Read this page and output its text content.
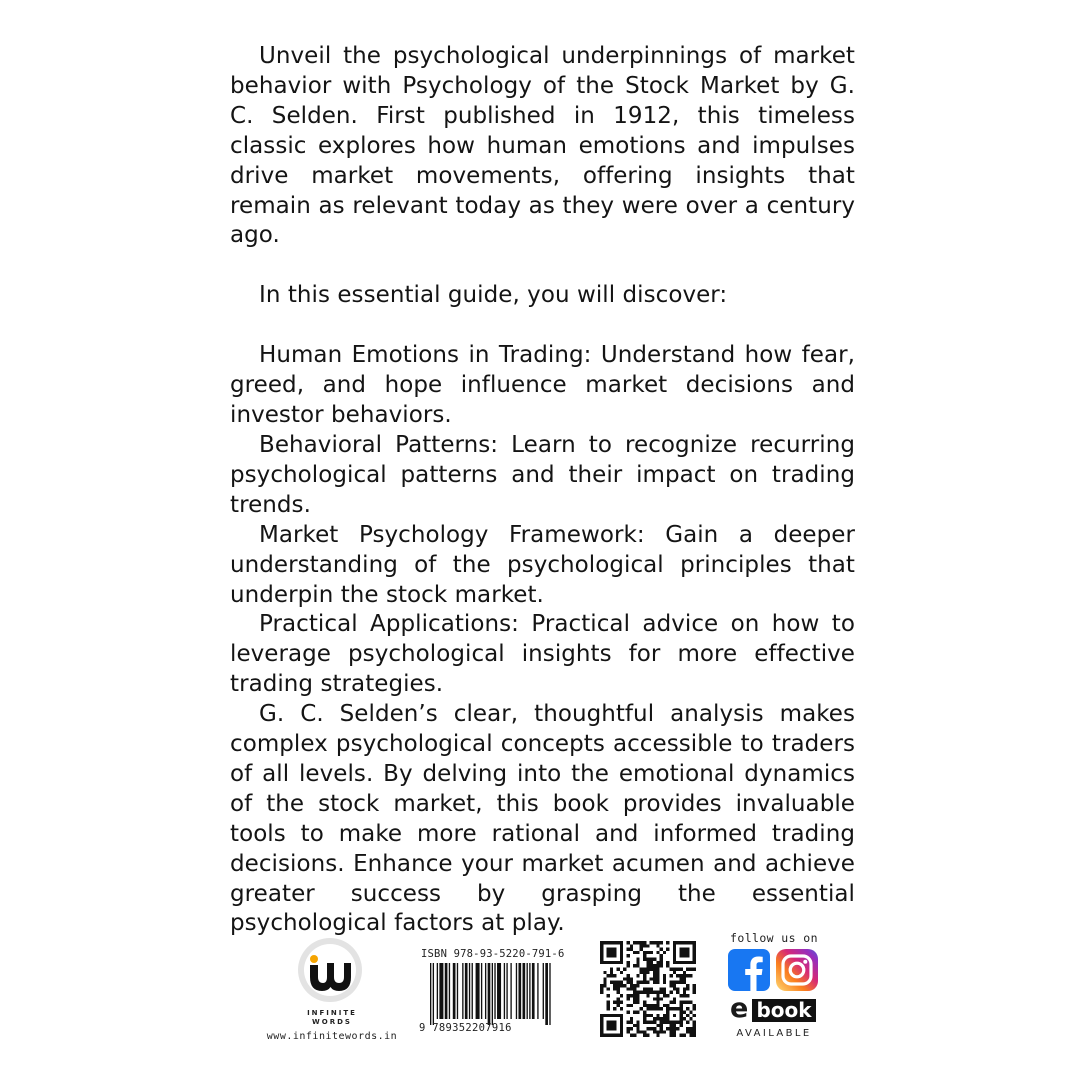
Unveil the psychological underpinnings of market behavior with Psychology of the Stock Market by G. C. Selden. First published in 1912, this timeless classic explores how human emotions and impulses drive market movements, offering insights that remain as relevant today as they were over a century ago.

In this essential guide, you will discover:

Human Emotions in Trading: Understand how fear, greed, and hope influence market decisions and investor behaviors.

Behavioral Patterns: Learn to recognize recurring psychological patterns and their impact on trading trends.

Market Psychology Framework: Gain a deeper understanding of the psychological principles that underpin the stock market.

Practical Applications: Practical advice on how to leverage psychological insights for more effective trading strategies.

G. C. Selden’s clear, thoughtful analysis makes complex psychological concepts accessible to traders of all levels. By delving into the emotional dynamics of the stock market, this book provides invaluable tools to make more rational and informed trading decisions. Enhance your market acumen and achieve greater success by grasping the essential psychological factors at play.

INFINITE
WORDS
www.infinitewords.in
ISBN 978-93-5220-791-6
9 789352207916
follow us on
e book
AVAILABLE
